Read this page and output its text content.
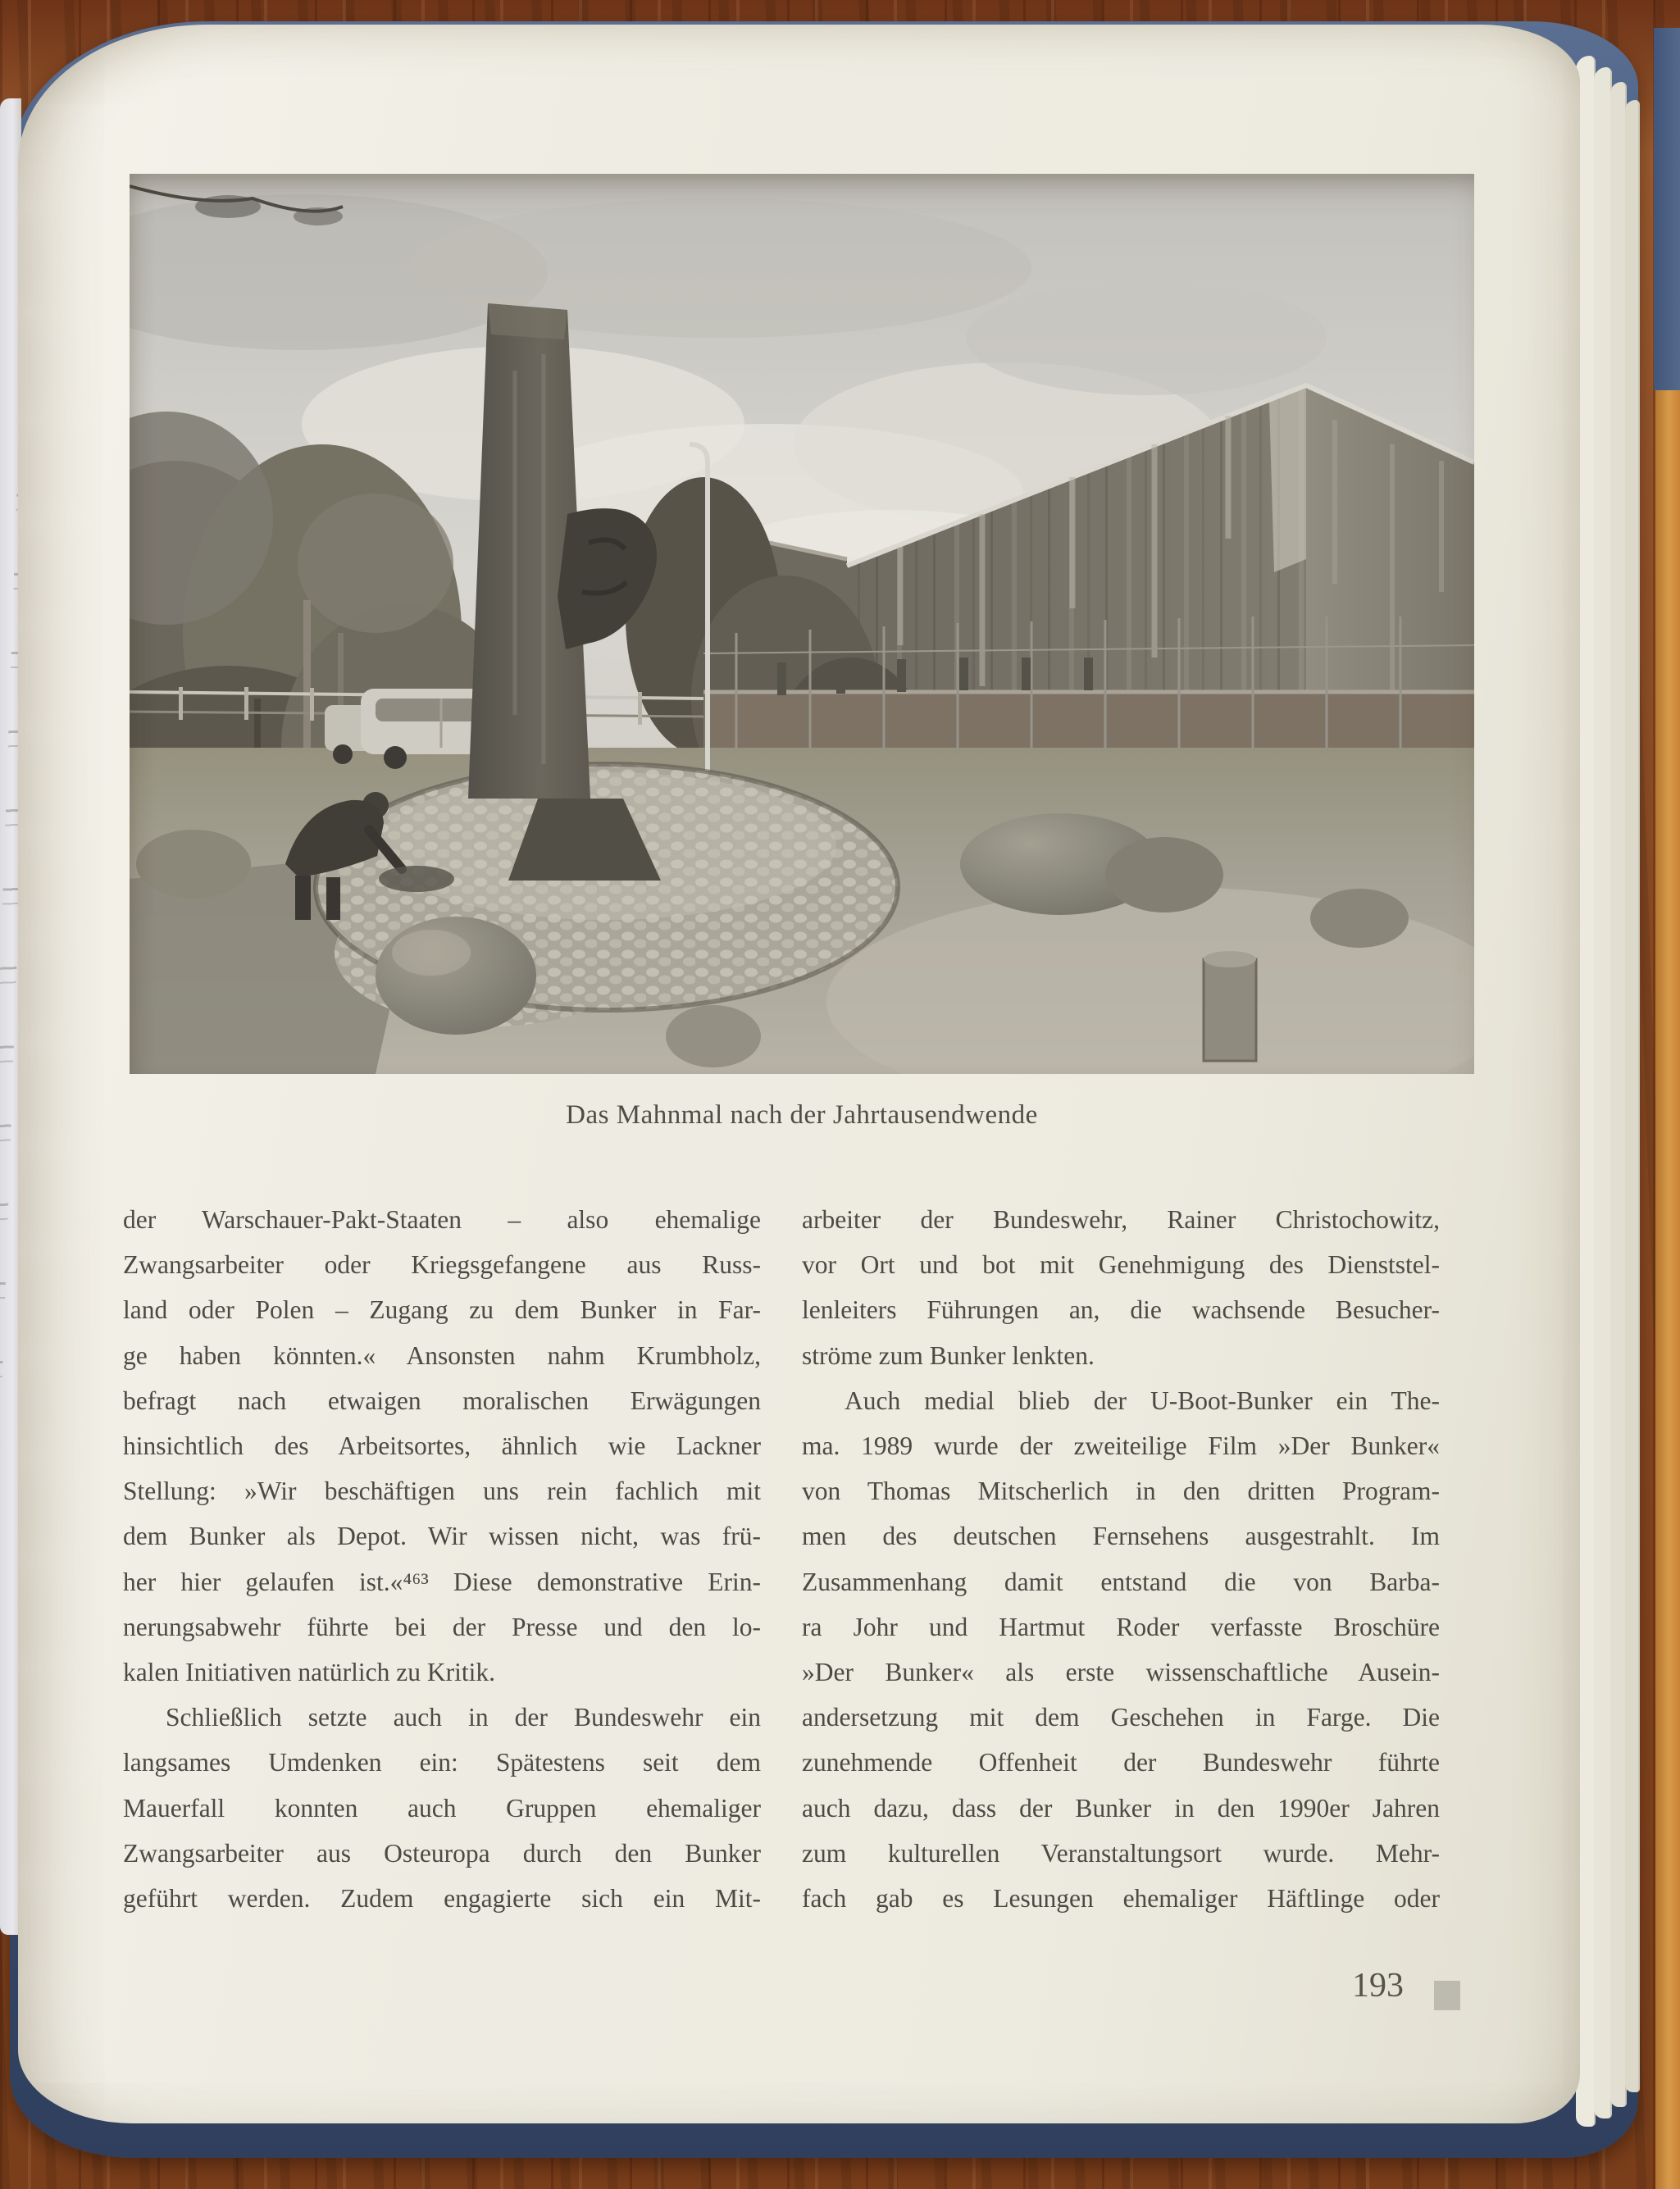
Das Mahnmal nach der Jahrtausendwende
der Warschauer-Pakt-Staaten – also ehemalige
Zwangsarbeiter oder Kriegsgefangene aus Russ-
land oder Polen – Zugang zu dem Bunker in Far-
ge haben könnten.« Ansonsten nahm Krumbholz,
befragt nach etwaigen moralischen Erwägungen
hinsichtlich des Arbeitsortes, ähnlich wie Lackner
Stellung: »Wir beschäftigen uns rein fachlich mit
dem Bunker als Depot. Wir wissen nicht, was frü-
her hier gelaufen ist.«⁴⁶³ Diese demonstrative Erin-
nerungsabwehr führte bei der Presse und den lo-
kalen Initiativen natürlich zu Kritik.
Schließlich setzte auch in der Bundeswehr ein
langsames Umdenken ein: Spätestens seit dem
Mauerfall konnten auch Gruppen ehemaliger
Zwangsarbeiter aus Osteuropa durch den Bunker
geführt werden. Zudem engagierte sich ein Mit-
arbeiter der Bundeswehr, Rainer Christochowitz,
vor Ort und bot mit Genehmigung des Dienststel-
lenleiters Führungen an, die wachsende Besucher-
ströme zum Bunker lenkten.
Auch medial blieb der U-Boot-Bunker ein The-
ma. 1989 wurde der zweiteilige Film »Der Bunker«
von Thomas Mitscherlich in den dritten Program-
men des deutschen Fernsehens ausgestrahlt. Im
Zusammenhang damit entstand die von Barba-
ra Johr und Hartmut Roder verfasste Broschüre
»Der Bunker« als erste wissenschaftliche Ausein-
andersetzung mit dem Geschehen in Farge. Die
zunehmende Offenheit der Bundeswehr führte
auch dazu, dass der Bunker in den 1990er Jahren
zum kulturellen Veranstaltungsort wurde. Mehr-
fach gab es Lesungen ehemaliger Häftlinge oder
193
